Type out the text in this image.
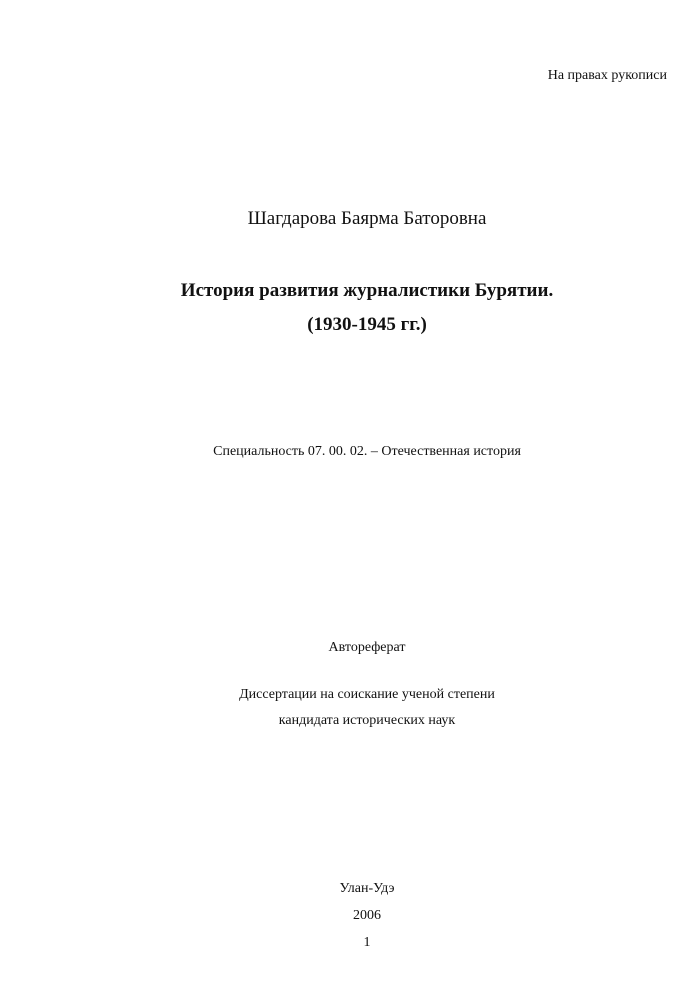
На правах рукописи
Шагдарова Баярма Баторовна
История развития журналистики Бурятии.
(1930-1945 гг.)
Специальность 07. 00. 02. – Отечественная история
Автореферат
Диссертации на соискание ученой степени
кандидата исторических наук
Улан-Удэ
2006
1
